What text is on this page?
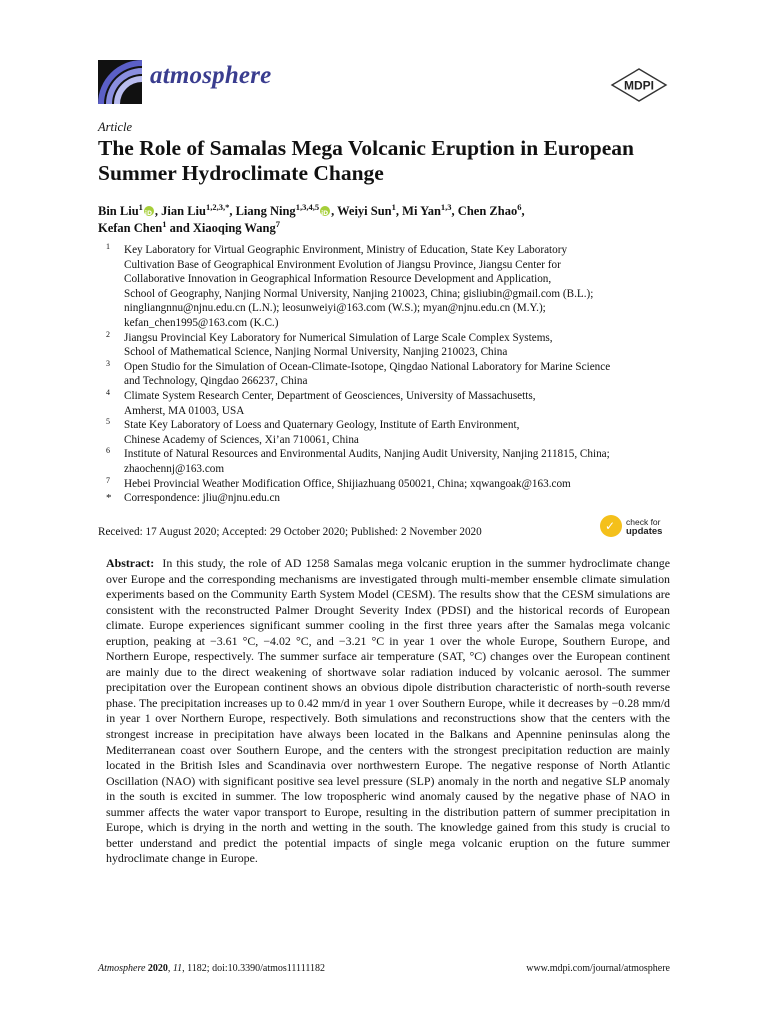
atmosphere	MDPI
Article
The Role of Samalas Mega Volcanic Eruption in European Summer Hydroclimate Change
Bin Liu$^1$ iD , Jian Liu$^{1,2,3,*}$, Liang Ning$^{1,3,4,5}$ iD , Weiyi Sun$^1$, Mi Yan$^{1,3}$, Chen Zhao$^6$,
Kefan Chen$^1$ and Xiaoqing Wang$^7$
1 Key Laboratory for Virtual Geographic Environment, Ministry of Education, State Key Laboratory
Cultivation Base of Geographical Environment Evolution of Jiangsu Province, Jiangsu Center for
Collaborative Innovation in Geographical Information Resource Development and Application,
School of Geography, Nanjing Normal University, Nanjing 210023, China; gisliubin@gmail.com (B.L.);
ningliangnnu@njnu.edu.cn (L.N.); leosunweiyi@163.com (W.S.); myan@njnu.edu.cn (M.Y.);
kefan_chen1995@163.com (K.C.)
2 Jiangsu Provincial Key Laboratory for Numerical Simulation of Large Scale Complex Systems,
School of Mathematical Science, Nanjing Normal University, Nanjing 210023, China
3 Open Studio for the Simulation of Ocean-Climate-Isotope, Qingdao National Laboratory for Marine Science
and Technology, Qingdao 266237, China
4 Climate System Research Center, Department of Geosciences, University of Massachusetts,
Amherst, MA 01003, USA
5 State Key Laboratory of Loess and Quaternary Geology, Institute of Earth Environment,
Chinese Academy of Sciences, Xi’an 710061, China
6 Institute of Natural Resources and Environmental Audits, Nanjing Audit University, Nanjing 211815, China;
zhaochennj@163.com
7 Hebei Provincial Weather Modification Office, Shijiazhuang 050021, China; xqwangoak@163.com
* Correspondence: jliu@njnu.edu.cn
Received: 17 August 2020; Accepted: 29 October 2020; Published: 2 November 2020	✓ check for
updates

Abstract: In this study, the role of AD 1258 Samalas mega volcanic eruption in the summer hydroclimate change over Europe and the corresponding mechanisms are investigated through multi-member ensemble climate simulation experiments based on the Community Earth System Model (CESM). The results show that the CESM simulations are consistent with the reconstructed Palmer Drought Severity Index (PDSI) and the historical records of European climate. Europe experiences significant summer cooling in the first three years after the Samalas mega volcanic eruption, peaking at −3.61 °C, −4.02 °C, and −3.21 °C in year 1 over the whole Europe, Southern Europe, and Northern Europe, respectively. The summer surface air temperature (SAT, °C) changes over the European continent are mainly due to the direct weakening of shortwave solar radiation induced by volcanic aerosol. The summer precipitation over the European continent shows an obvious dipole distribution characteristic of north-south reverse phase. The precipitation increases up to 0.42 mm/d in year 1 over Southern Europe, while it decreases by −0.28 mm/d in year 1 over Northern Europe, respectively. Both simulations and reconstructions show that the centers with the strongest increase in precipitation have always been located in the Balkans and Apennine peninsulas along the Mediterranean coast over Southern Europe, and the centers with the strongest precipitation reduction are mainly located in the British Isles and Scandinavia over northwestern Europe. The negative response of North Atlantic Oscillation (NAO) with significant positive sea level pressure (SLP) anomaly in the north and negative SLP anomaly in the south is excited in summer. The low tropospheric wind anomaly caused by the negative phase of NAO in summer affects the water vapor transport to Europe, resulting in the distribution pattern of summer precipitation in Europe, which is drying in the north and wetting in the south. The knowledge gained from this study is crucial to better understand and predict the potential impacts of single mega volcanic eruption on the future summer hydroclimate change in Europe.

Atmosphere 2020, 11, 1182; doi:10.3390/atmos11111182	www.mdpi.com/journal/atmosphere
